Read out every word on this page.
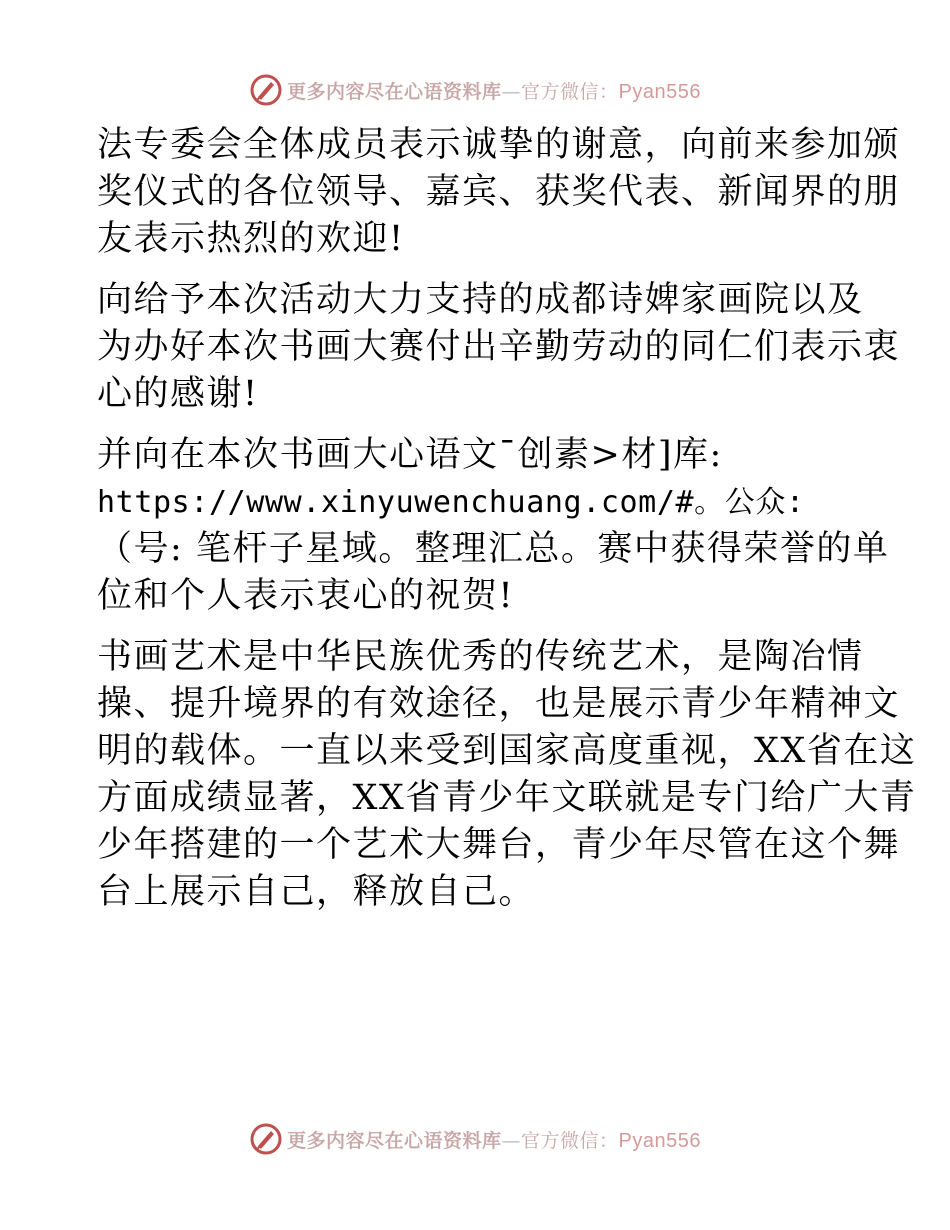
更多内容尽在心语资料库—官方微信：Pyan556
法专委会全体成员表示诚挚的谢意，向前来参加颁
奖仪式的各位领导、嘉宾、获奖代表、新闻界的朋
友表示热烈的欢迎!
向给予本次活动大力支持的成都诗婢家画院以及
为办好本次书画大赛付出辛勤劳动的同仁们表示衷
心的感谢!
并向在本次书画大心语文¯创素>材]库:
https://www.xinyuwenchuang.com/#。公众:
（号: 笔杆子星域。整理汇总。赛中获得荣誉的单
位和个人表示衷心的祝贺!
书画艺术是中华民族优秀的传统艺术，是陶冶情
操、提升境界的有效途径，也是展示青少年精神文
明的载体。一直以来受到国家高度重视，XX省在这
方面成绩显著，XX省青少年文联就是专门给广大青
少年搭建的一个艺术大舞台，青少年尽管在这个舞
台上展示自己，释放自己。
更多内容尽在心语资料库—官方微信：Pyan556
